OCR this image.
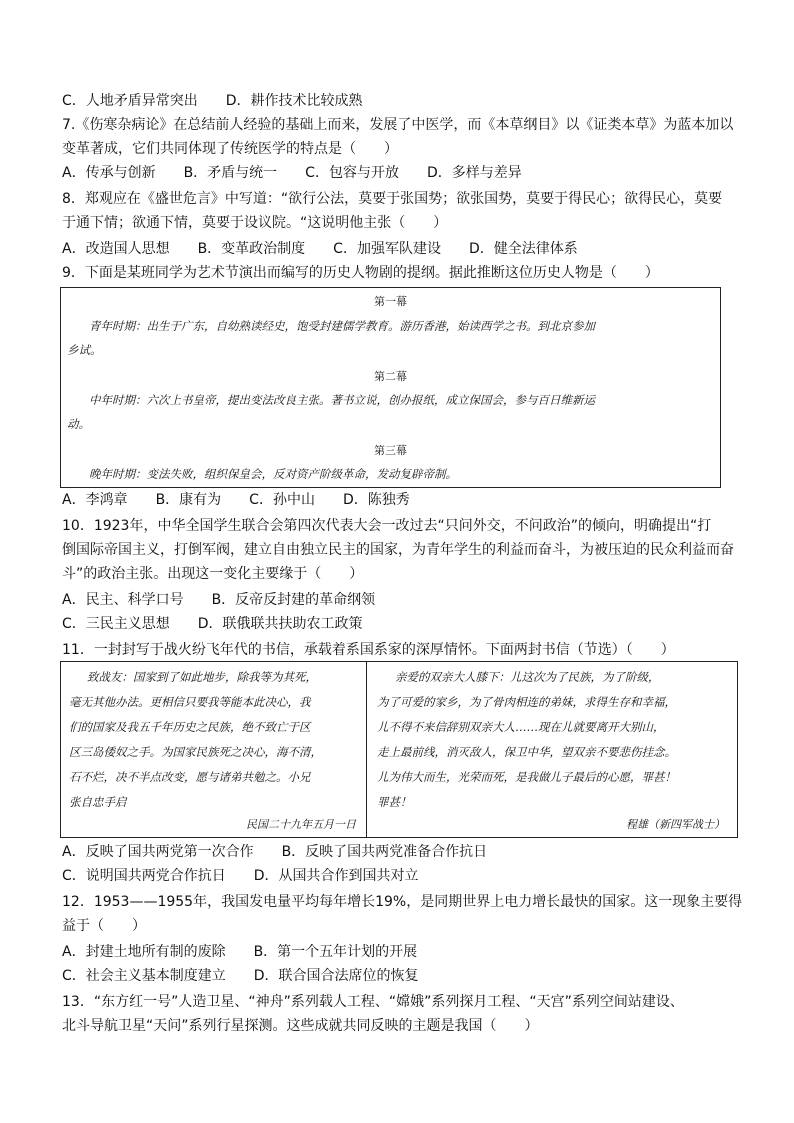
C．人地矛盾异常突出　　D．耕作技术比较成熟
7.《伤寒杂病论》在总结前人经验的基础上而来，发展了中医学，而《本草纲目》以《证类本草》为蓝本加以
变革著成，它们共同体现了传统医学的特点是（　　）
A．传承与创新　　B．矛盾与统一　　C．包容与开放　　D．多样与差异
8．郑观应在《盛世危言》中写道：“欲行公法，莫要于张国势；欲张国势，莫要于得民心；欲得民心，莫要
于通下情；欲通下情，莫要于设议院。“这说明他主张（　　）
A．改造国人思想　　B．变革政治制度　　C．加强军队建设　　D．健全法律体系
9．下面是某班同学为艺术节演出而编写的历史人物剧的提纲。据此推断这位历史人物是（　　）
第一幕
青年时期：出生于广东，自幼熟读经史，饱受封建儒学教育。游历香港，始读西学之书。到北京参加
乡试。
第二幕
中年时期：六次上书皇帝，提出变法改良主张。著书立说，创办报纸，成立保国会，参与百日维新运
动。
第三幕
晚年时期：变法失败，组织保皇会，反对资产阶级革命，发动复辟帝制。
A．李鸿章　　B．康有为　　C．孙中山　　D．陈独秀
10．1923年，中华全国学生联合会第四次代表大会一改过去“只问外交，不问政治”的倾向，明确提出“打
倒国际帝国主义，打倒军阀，建立自由独立民主的国家，为青年学生的利益而奋斗，为被压迫的民众利益而奋
斗”的政治主张。出现这一变化主要缘于（　　）
A．民主、科学口号　　B．反帝反封建的革命纲领
C．三民主义思想　　D．联俄联共扶助农工政策
11．一封封写于战火纷飞年代的书信，承载着系国系家的深厚情怀。下面两封书信（节选）（　　）
致战友：国家到了如此地步，除我等为其死，
毫无其他办法。更相信只要我等能本此决心，我
们的国家及我五千年历史之民族，绝不致亡于区
区三岛倭奴之手。为国家民族死之决心，海不清，
石不烂，决不半点改变，愿与诸弟共勉之。小兄
张自忠手启
民国二十九年五月一日
亲爱的双亲大人膝下：儿这次为了民族，为了阶级，
为了可爱的家乡，为了骨肉相连的弟妹，求得生存和幸福，
儿不得不来信辞别双亲大人……现在儿就要离开大别山，
走上最前线，消灭敌人，保卫中华，望双亲不要悲伤挂念。
儿为伟大而生，光荣而死，是我做儿子最后的心愿，罪甚！
罪甚！
程雄（新四军战士）
A．反映了国共两党第一次合作　　B．反映了国共两党准备合作抗日
C．说明国共两党合作抗日　　D．从国共合作到国共对立
12．1953——1955年，我国发电量平均每年增长19%，是同期世界上电力增长最快的国家。这一现象主要得
益于（　　）
A．封建土地所有制的废除　　B．第一个五年计划的开展
C．社会主义基本制度建立　　D．联合国合法席位的恢复
13．“东方红一号”人造卫星、“神舟”系列载人工程、“嫦娥”系列探月工程、“天宫”系列空间站建设、
北斗导航卫星“天问”系列行星探测。这些成就共同反映的主题是我国（　　）
